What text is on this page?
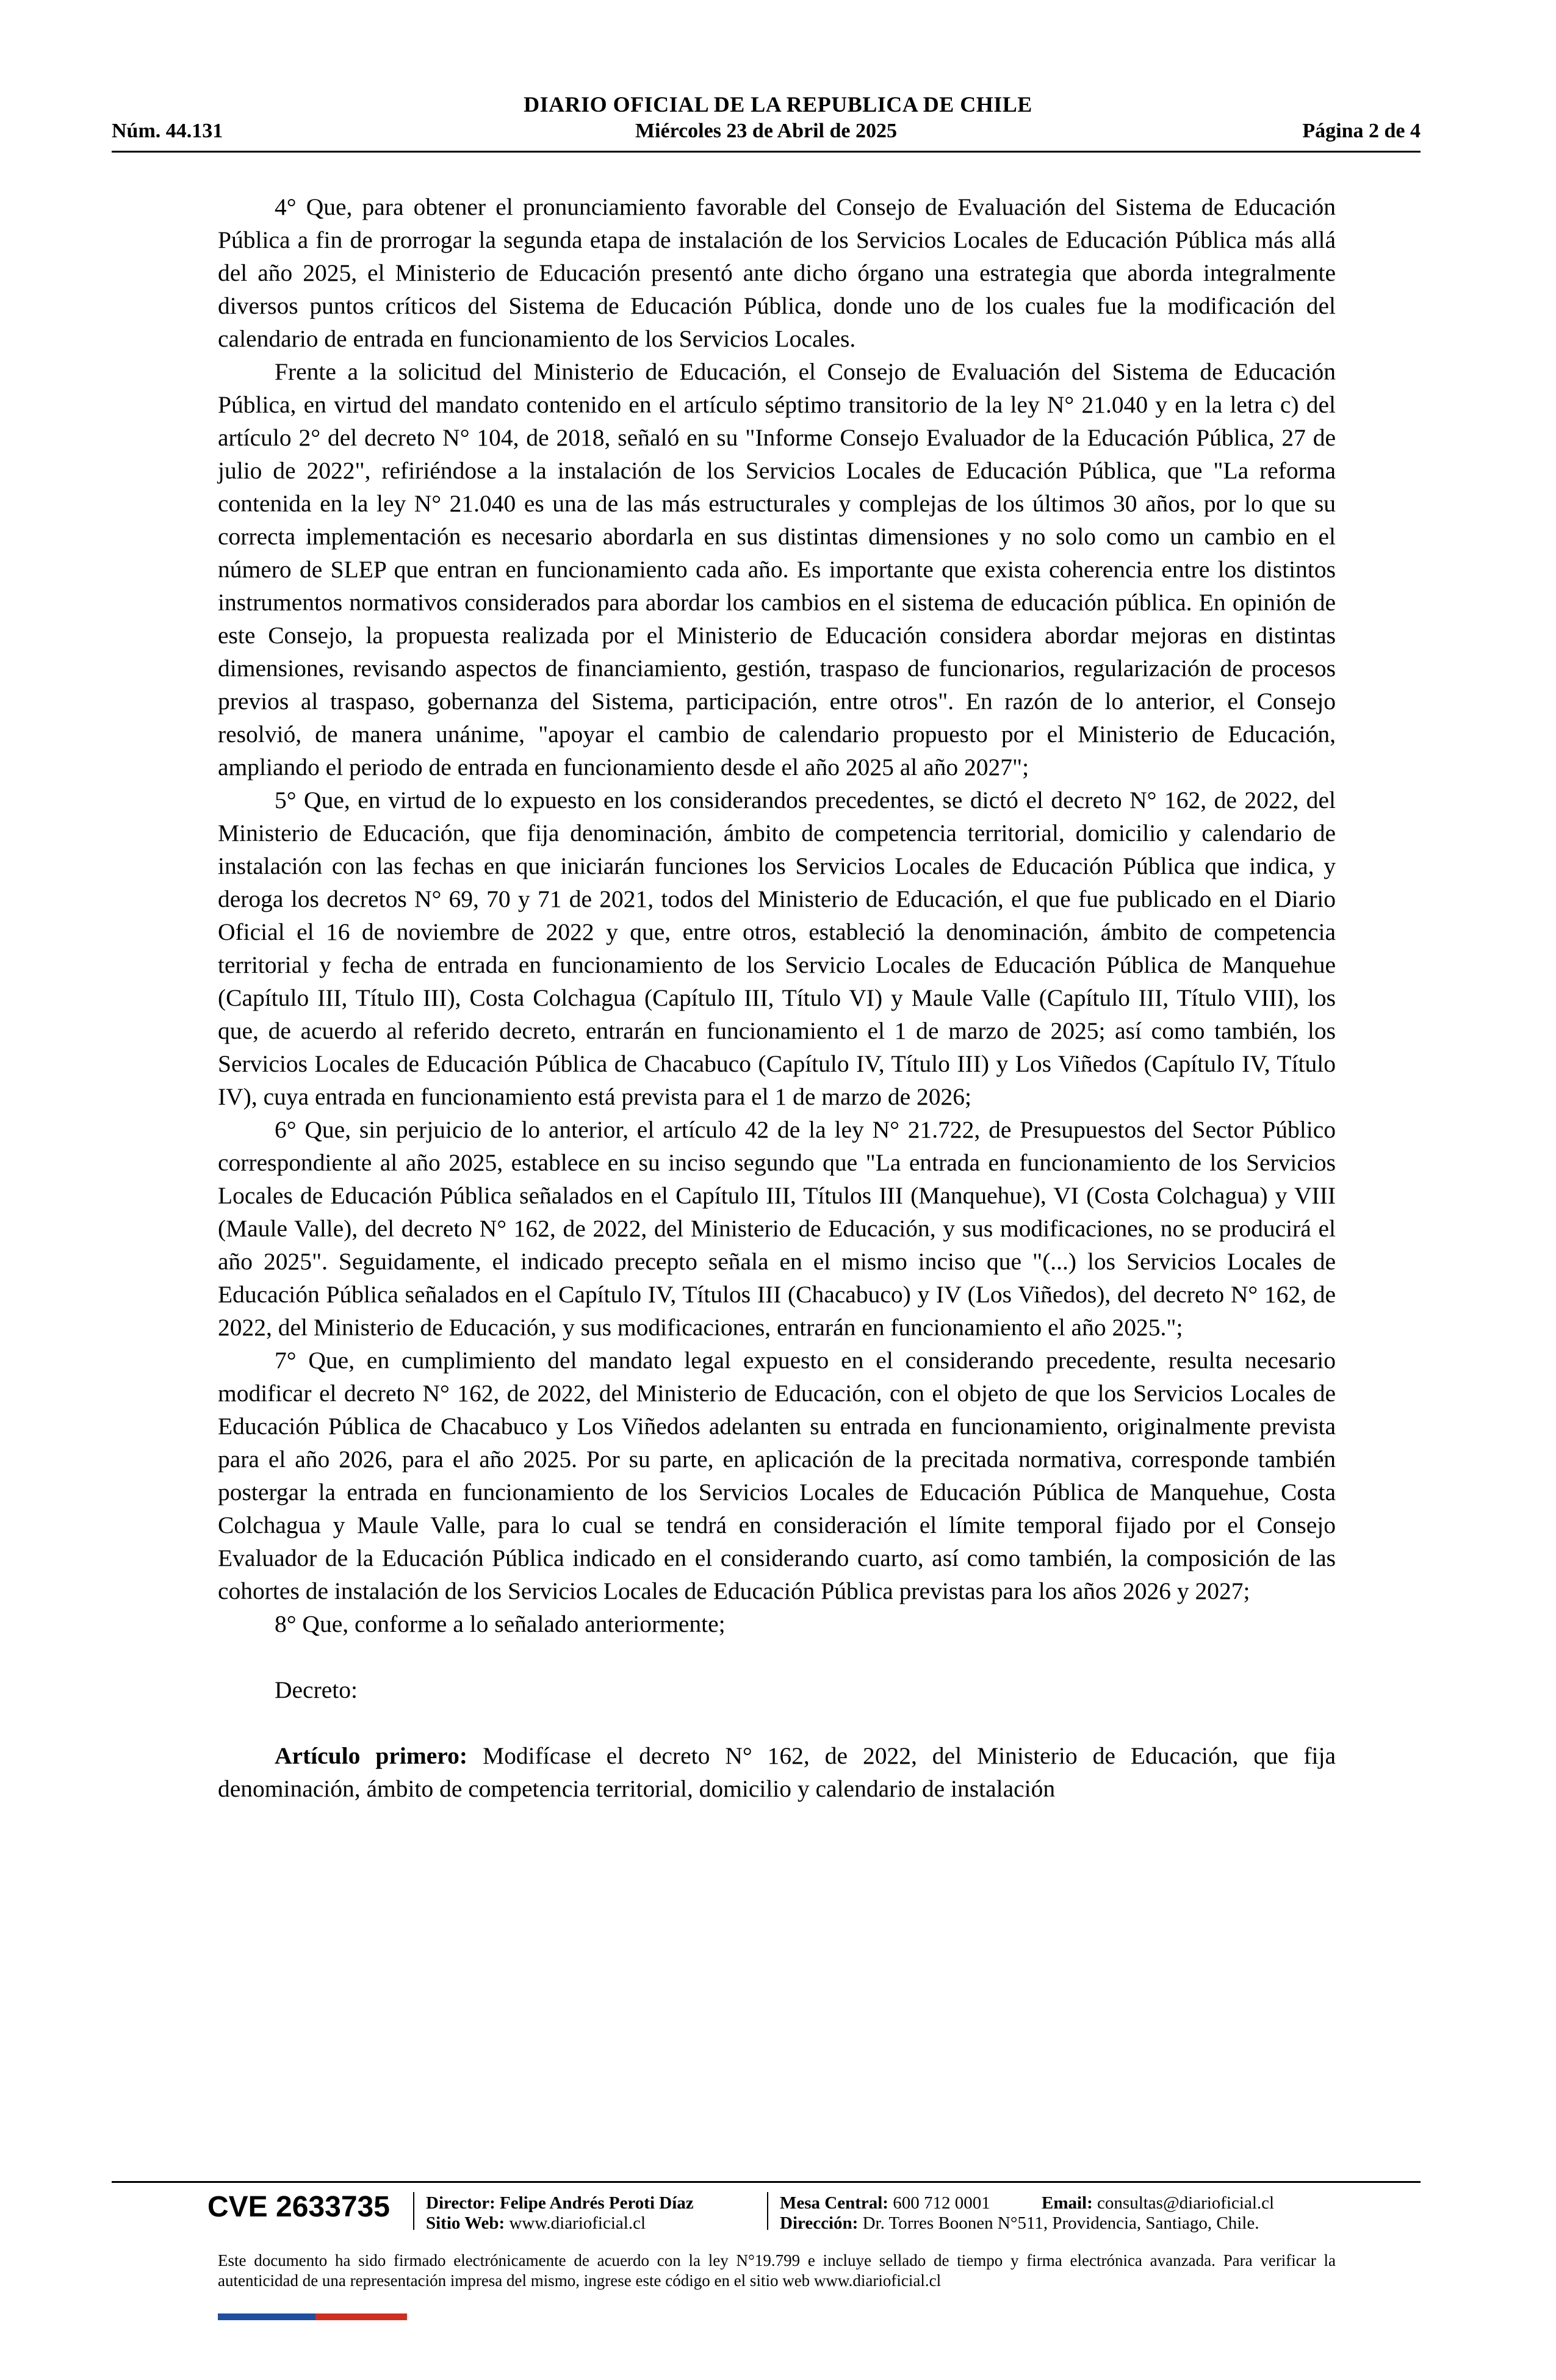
DIARIO OFICIAL DE LA REPUBLICA DE CHILE
Núm. 44.131	Miércoles 23 de Abril de 2025	Página 2 de 4

4° Que, para obtener el pronunciamiento favorable del Consejo de Evaluación del Sistema de Educación Pública a fin de prorrogar la segunda etapa de instalación de los Servicios Locales de Educación Pública más allá del año 2025, el Ministerio de Educación presentó ante dicho órgano una estrategia que aborda integralmente diversos puntos críticos del Sistema de Educación Pública, donde uno de los cuales fue la modificación del calendario de entrada en funcionamiento de los Servicios Locales.

Frente a la solicitud del Ministerio de Educación, el Consejo de Evaluación del Sistema de Educación Pública, en virtud del mandato contenido en el artículo séptimo transitorio de la ley N° 21.040 y en la letra c) del artículo 2° del decreto N° 104, de 2018, señaló en su "Informe Consejo Evaluador de la Educación Pública, 27 de julio de 2022", refiriéndose a la instalación de los Servicios Locales de Educación Pública, que "La reforma contenida en la ley N° 21.040 es una de las más estructurales y complejas de los últimos 30 años, por lo que su correcta implementación es necesario abordarla en sus distintas dimensiones y no solo como un cambio en el número de SLEP que entran en funcionamiento cada año. Es importante que exista coherencia entre los distintos instrumentos normativos considerados para abordar los cambios en el sistema de educación pública. En opinión de este Consejo, la propuesta realizada por el Ministerio de Educación considera abordar mejoras en distintas dimensiones, revisando aspectos de financiamiento, gestión, traspaso de funcionarios, regularización de procesos previos al traspaso, gobernanza del Sistema, participación, entre otros". En razón de lo anterior, el Consejo resolvió, de manera unánime, "apoyar el cambio de calendario propuesto por el Ministerio de Educación, ampliando el periodo de entrada en funcionamiento desde el año 2025 al año 2027";

5° Que, en virtud de lo expuesto en los considerandos precedentes, se dictó el decreto N° 162, de 2022, del Ministerio de Educación, que fija denominación, ámbito de competencia territorial, domicilio y calendario de instalación con las fechas en que iniciarán funciones los Servicios Locales de Educación Pública que indica, y deroga los decretos N° 69, 70 y 71 de 2021, todos del Ministerio de Educación, el que fue publicado en el Diario Oficial el 16 de noviembre de 2022 y que, entre otros, estableció la denominación, ámbito de competencia territorial y fecha de entrada en funcionamiento de los Servicio Locales de Educación Pública de Manquehue (Capítulo III, Título III), Costa Colchagua (Capítulo III, Título VI) y Maule Valle (Capítulo III, Título VIII), los que, de acuerdo al referido decreto, entrarán en funcionamiento el 1 de marzo de 2025; así como también, los Servicios Locales de Educación Pública de Chacabuco (Capítulo IV, Título III) y Los Viñedos (Capítulo IV, Título IV), cuya entrada en funcionamiento está prevista para el 1 de marzo de 2026;

6° Que, sin perjuicio de lo anterior, el artículo 42 de la ley N° 21.722, de Presupuestos del Sector Público correspondiente al año 2025, establece en su inciso segundo que "La entrada en funcionamiento de los Servicios Locales de Educación Pública señalados en el Capítulo III, Títulos III (Manquehue), VI (Costa Colchagua) y VIII (Maule Valle), del decreto N° 162, de 2022, del Ministerio de Educación, y sus modificaciones, no se producirá el año 2025". Seguidamente, el indicado precepto señala en el mismo inciso que "(...) los Servicios Locales de Educación Pública señalados en el Capítulo IV, Títulos III (Chacabuco) y IV (Los Viñedos), del decreto N° 162, de 2022, del Ministerio de Educación, y sus modificaciones, entrarán en funcionamiento el año 2025.";

7° Que, en cumplimiento del mandato legal expuesto en el considerando precedente, resulta necesario modificar el decreto N° 162, de 2022, del Ministerio de Educación, con el objeto de que los Servicios Locales de Educación Pública de Chacabuco y Los Viñedos adelanten su entrada en funcionamiento, originalmente prevista para el año 2026, para el año 2025. Por su parte, en aplicación de la precitada normativa, corresponde también postergar la entrada en funcionamiento de los Servicios Locales de Educación Pública de Manquehue, Costa Colchagua y Maule Valle, para lo cual se tendrá en consideración el límite temporal fijado por el Consejo Evaluador de la Educación Pública indicado en el considerando cuarto, así como también, la composición de las cohortes de instalación de los Servicios Locales de Educación Pública previstas para los años 2026 y 2027;

8° Que, conforme a lo señalado anteriormente;

Decreto:

Artículo primero: Modifícase el decreto N° 162, de 2022, del Ministerio de Educación, que fija denominación, ámbito de competencia territorial, domicilio y calendario de instalación

CVE 2633735 Director: Felipe Andrés Peroti Díaz
Sitio Web: www.diarioficial.cl
Mesa Central: 600 712 0001	Email: consultas@diarioficial.cl
Dirección: Dr. Torres Boonen N°511, Providencia, Santiago, Chile.
Este documento ha sido firmado electrónicamente de acuerdo con la ley N°19.799 e incluye sellado de tiempo y firma electrónica avanzada. Para verificar la autenticidad de una representación impresa del mismo, ingrese este código en el sitio web www.diarioficial.cl
